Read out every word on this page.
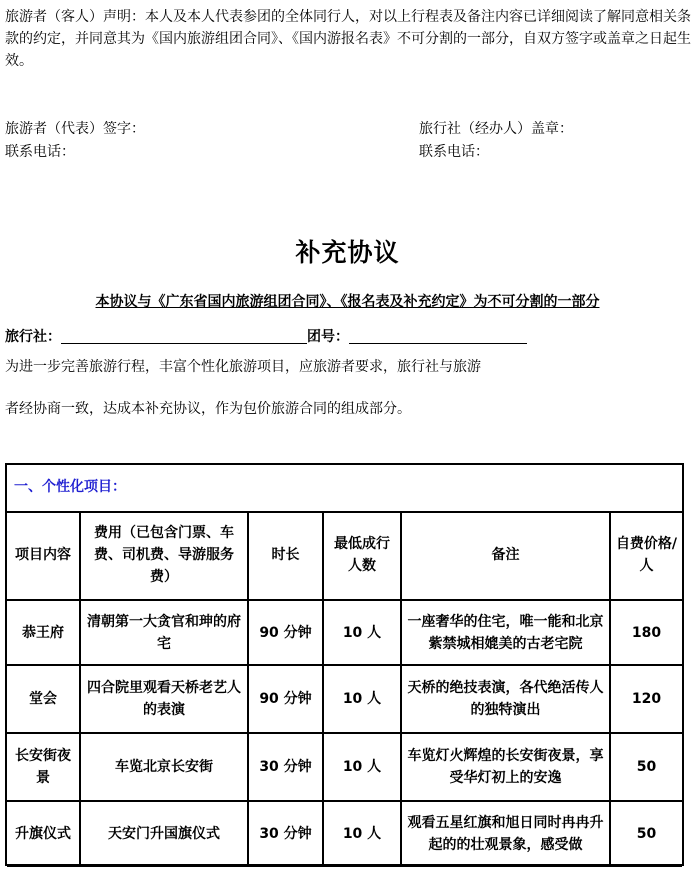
旅游者（客人）声明：本人及本人代表参团的全体同行人，对以上行程表及备注内容已详细阅读了解同意相关条款的约定，并同意其为《国内旅游组团合同》、《国内游报名表》不可分割的一部分，自双方签字或盖章之日起生效。
旅游者（代表）签字：
联系电话：
旅行社（经办人）盖章：
联系电话：
补充协议
本协议与《广东省国内旅游组团合同》、《报名表及补充约定》为不可分割的一部分
旅行社：	团号：
为进一步完善旅游行程，丰富个性化旅游项目，应旅游者要求，旅行社与旅游
者经协商一致，达成本补充协议，作为包价旅游合同的组成部分。
一、个性化项目：
项目内容	费用（已包含门票、车费、司机费、导游服务费）	时长	最低成行人数	备注	自费价格/人
恭王府	清朝第一大贪官和珅的府宅	90 分钟	10 人	一座奢华的住宅，唯一能和北京紫禁城相媲美的古老宅院	180
堂会	四合院里观看天桥老艺人的表演	90 分钟	10 人	天桥的绝技表演，各代绝活传人的独特演出	120
长安街夜景	车览北京长安街	30 分钟	10 人	车览灯火辉煌的长安街夜景，享受华灯初上的安逸	50
升旗仪式	天安门升国旗仪式	30 分钟	10 人	观看五星红旗和旭日同时冉冉升起的的壮观景象，感受做	50
